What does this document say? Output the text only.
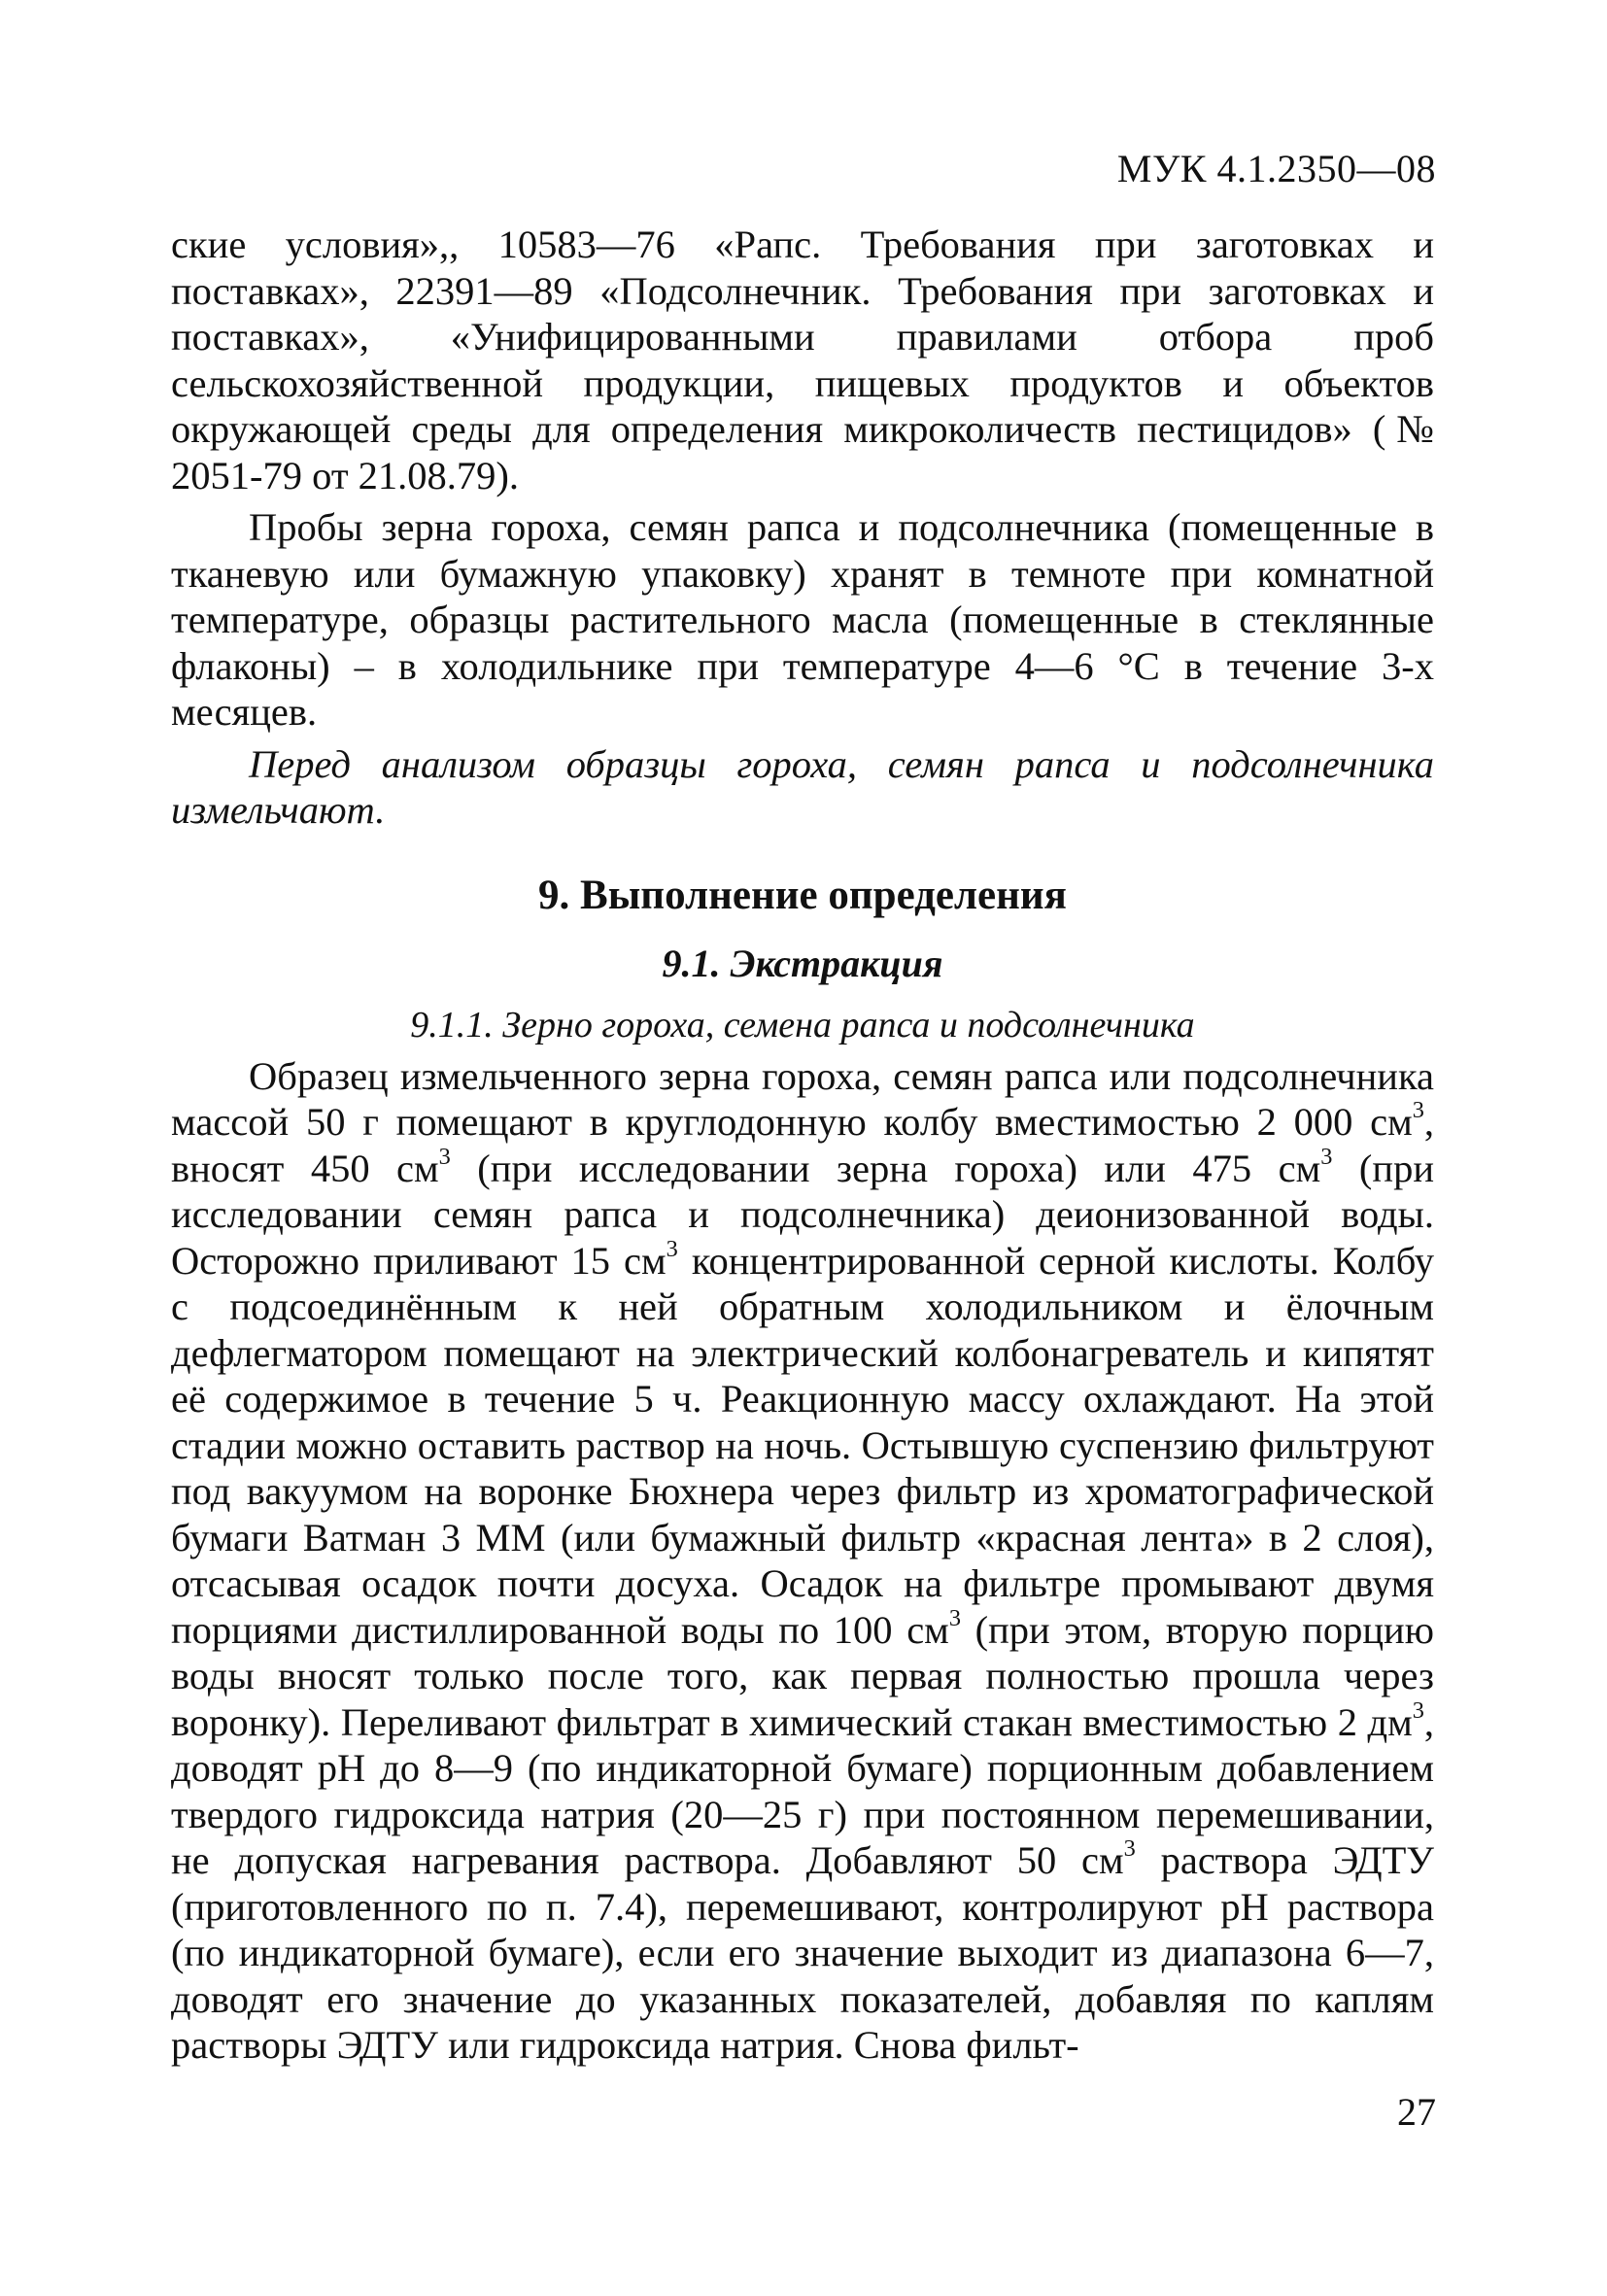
МУК 4.1.2350—08

ские условия»,, 10583—76 «Рапс. Требования при заготовках и поставках», 22391—89 «Подсолнечник. Требования при заготовках и поставках», «Унифицированными правилами отбора проб сельскохозяйственной продукции, пищевых продуктов и объектов окружающей среды для определения микроколичеств пестицидов» (№ 2051-79 от 21.08.79).

Пробы зерна гороха, семян рапса и подсолнечника (помещенные в тканевую или бумажную упаковку) хранят в темноте при комнатной температуре, образцы растительного масла (помещенные в стеклянные флаконы) – в холодильнике при температуре 4—6 °С в течение 3-х месяцев.

Перед анализом образцы гороха, семян рапса и подсолнечника измельчают.

9. Выполнение определения
9.1. Экстракция
9.1.1. Зерно гороха, семена рапса и подсолнечника

Образец измельченного зерна гороха, семян рапса или подсолнечника массой 50 г помещают в круглодонную колбу вместимостью 2 000 $см^3$, вносят 450 $см^3$ (при исследовании зерна гороха) или 475 $см^3$ (при исследовании семян рапса и подсолнечника) деионизованной воды. Осторожно приливают 15 $см^3$ концентрированной серной кислоты. Колбу с подсоединённым к ней обратным холодильником и ёлочным дефлегматором помещают на электрический колбонагреватель и кипятят её содержимое в течение 5 ч. Реакционную массу охлаждают. На этой стадии можно оставить раствор на ночь. Остывшую суспензию фильтруют под вакуумом на воронке Бюхнера через фильтр из хроматографической бумаги Ватман 3 ММ (или бумажный фильтр «красная лента» в 2 слоя), отсасывая осадок почти досуха. Осадок на фильтре промывают двумя порциями дистиллированной воды по 100 $см^3$ (при этом, вторую порцию воды вносят только после того, как первая полностью прошла через воронку). Переливают фильтрат в химический стакан вместимостью 2 $дм^3$, доводят рН до 8—9 (по индикаторной бумаге) порционным добавлением твердого гидроксида натрия (20—25 г) при постоянном перемешивании, не допуская нагревания раствора. Добавляют 50 $см^3$ раствора ЭДТУ (приготовленного по п. 7.4), перемешивают, контролируют рН раствора (по индикаторной бумаге), если его значение выходит из диапазона 6—7, доводят его значение до указанных показателей, добавляя по каплям растворы ЭДТУ или гидроксида натрия. Снова фильт-

27
